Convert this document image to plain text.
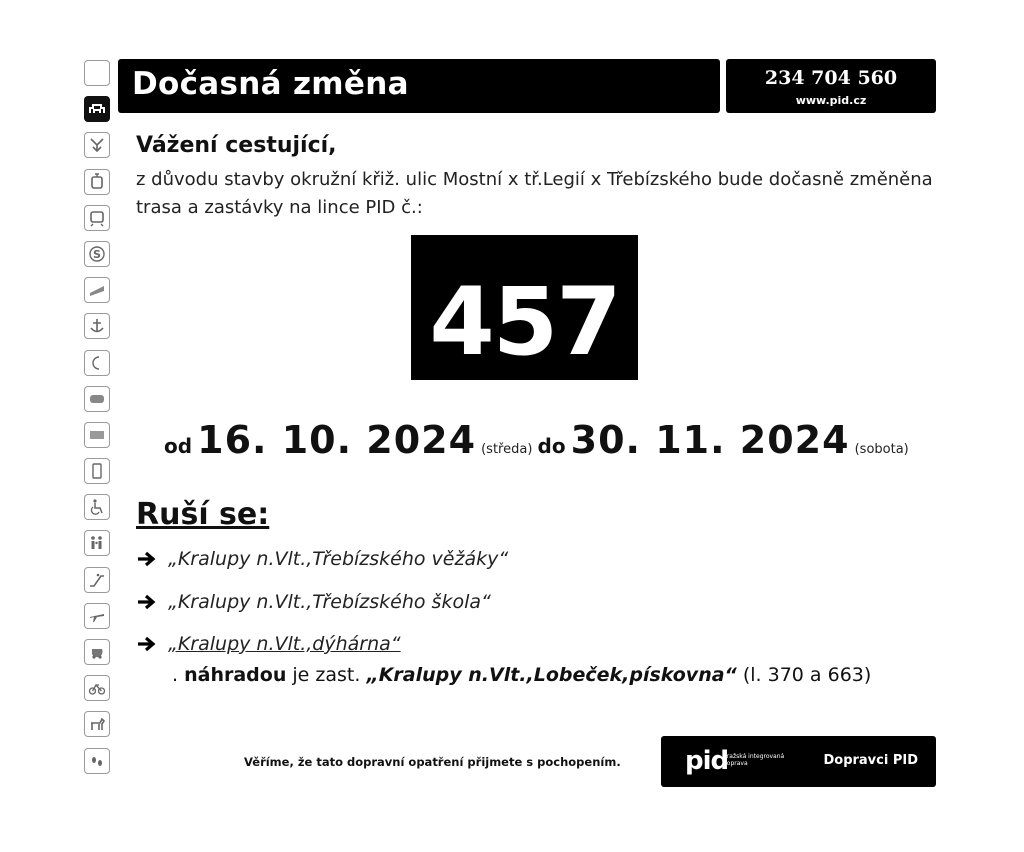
S
Dočasná změna	234 704 560
www.pid.cz
Vážení cestující,
z důvodu stavby okružní křiž. ulic Mostní x tř.Legií x Třebízského bude dočasně změněna trasa a zastávky na lince PID č.:
457
od 16. 10. 2024 (středa) do 30. 11. 2024 (sobota)
Ruší se:
„Kralupy n.Vlt.,Třebízského věžáky“
„Kralupy n.Vlt.,Třebízského škola“
„Kralupy n.Vlt.,dýhárna“
. náhradou je zast. „Kralupy n.Vlt.,Lobeček,pískovna“ (l. 370 a 663)
Věříme, že tato dopravní opatření přijmete s pochopením. pid
pražská integrovaná doprava	Dopravci PID
